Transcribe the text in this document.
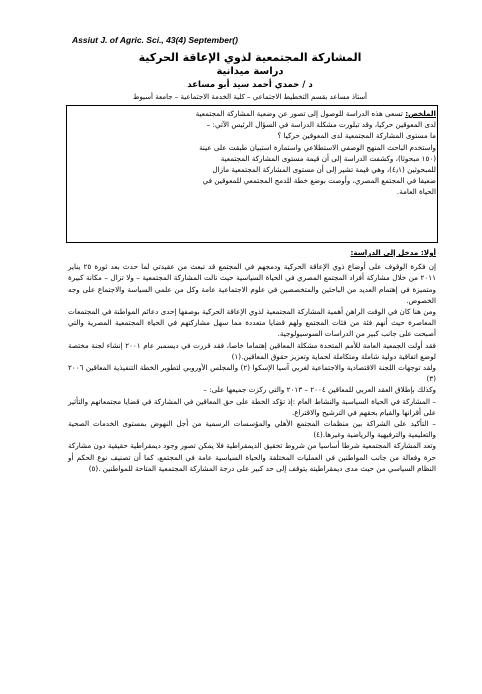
Assiut J. of Agric. Sci., 43(4) September()
المشاركة المجتمعية لذوي الإعاقة الحركية
دراسة ميدانية
د / حمدي أحمد سيد أبو مساعد
أستاذ مساعد بقسم التخطيط الاجتماعي – كلية الخدمة الاجتماعية – جامعة أسيوط

الملخص: تسعى هذه الدراسة للوصول إلى تصور عن وضعية المشاركة المجتمعية

لدى المعوقين حركيا، وقد تبلورت مشكلة الدراسة في السؤال الرئيس الآتي: –

ما مستوى المشاركة المجتمعية لدى المعوقين حركيا ؟

واستخدم الباحث المنهج الوصفي الاستطلاعي واستمارة استبيان طبقت على عينة

(١٥٠ مبحوثا)، وكشفت الدراسة إلى أن قيمة مستوى المشاركة المجتمعية

للمبحوثين (٤٫١)، وهي قيمة تشير إلى أن مستوى المشاركة المجتمعية مازال

ضعيفا في المجتمع المصري، وأوصت بوضع خطة للدمج المجتمعي للمعوقين في

الحياة العامة.

أولا: مدخل إلى الدراسة:

إن فكرة الوقوف على أوضاع ذوي الإعاقة الحركية ودمجهم في المجتمع قد تبعث من عقيدتي لما حدث بعد ثورة ٢٥ يناير ٢٠١١ من خلال مشاركة أفراد المجتمع المصري في الحياة السياسية حيث نالت المشاركة المجتمعية – ولا تزال – مكانة كبيرة ومتميزة في إهتمام العديد من الباحثين والمتخصصين في علوم الاجتماعية عامة وكل من علمي السياسة والاجتماع على وجه الخصوص.

ومن هنا كان في الوقت الراهن أهمية المشاركة المجتمعية لذوي الإعاقة الحركية بوصفها إحدى دعائم المواطنة في المجتمعات المعاصرة حيث أنهم فئة من فئات المجتمع ولهم قضايا متعددة مما سهل مشاركتهم في الحياة المجتمعية المصرية والتي أصبحت على جانب كبير من الدراسات السوسيولوجية.

فقد أولت الجمعية العامة للأمم المتحدة مشكلة المعاقين إهتماما خاصا، فقد قررت في ديسمبر عام ٢٠٠١ إنشاء لجنة مختصة لوضع اتفاقية دولية شاملة ومتكاملة لحماية وتعزيز حقوق المعاقين.(١)

ولقد توجهات اللجنة الاقتصادية والاجتماعية لغربي آسيا الإسكوا (٢) والمجلس الأوروبي لتطوير الخطة التنفيذية المعاقين ٢٠٠٦ (٣)

وكذلك بإطلاق العقد العربي للمعاقين ٢٠٠٤ – ٢٠١٣ والتي ركزت جميعها على: –

– المشاركة في الحياة السياسية والنشاط العام :إذ تؤكد الخطة على حق المعاقين في المشاركة في قضايا مجتمعاتهم والتأثير على أقرانها والقيام بحقهم في الترشيح والاقتراع.

– التأكيد على الشراكة بين منظمات المجتمع الأهلي والمؤسسات الرسمية من أجل النهوض بمستوى الخدمات الصحية والتعليمية والترفيهية والرياضية وغيرها.(٤)

وتعد المشاركة المجتمعية شرطا أساسيا من شروط تحقيق الديمقراطية فلا يمكن تصور وجود ديمقراطية حقيقية دون مشاركة حرة وفعالة من جانب المواطنين في العمليات المختلفة والحياة السياسية عامة في المجتمع، كما أن تصنيف نوع الحكم أو النظام السياسي من حيث مدى ديمقراطيته يتوقف إلى حد كبير على درجة المشاركة المجتمعية المتاحة للمواطنين .(٥)
